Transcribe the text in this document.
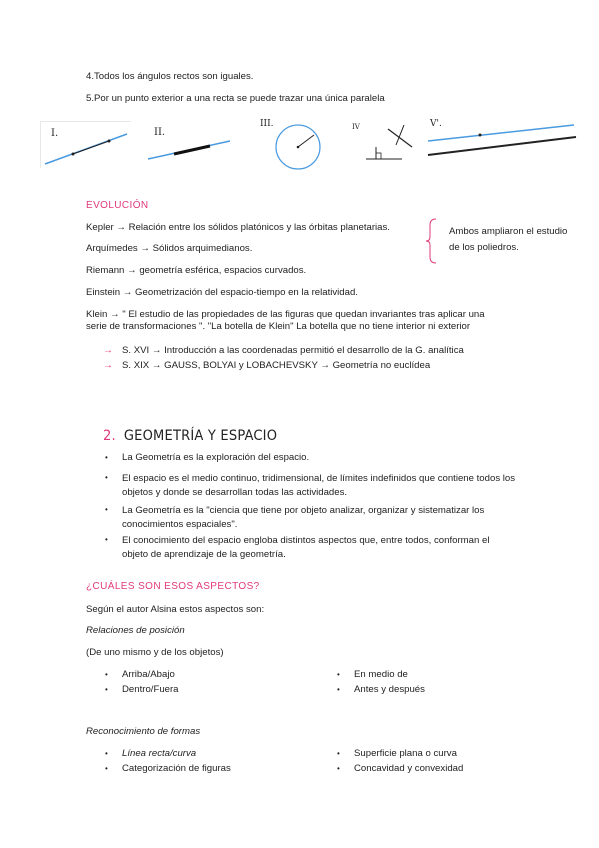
4.Todos los ángulos rectos son iguales.
5.Por un punto exterior a una recta se puede trazar una única paralela
I.	II.
III.	IV	V'.
EVOLUCIÓN
Kepler → Relación entre los sólidos platónicos y las órbitas planetarias.
Arquímedes → Sólidos arquimedianos.
Riemann → geometría esférica, espacios curvados.
Einstein → Geometrización del espacio-tiempo en la relatividad.
Klein → " El estudio de las propiedades de las figuras que quedan invariantes tras aplicar una
serie de transformaciones ". "La botella de Klein" La botella que no tiene interior ni exterior
Ambos ampliaron el estudio de los poliedros.
→ S. XVI → Introducción a las coordenadas permitió el desarrollo de la G. analítica
→ S. XIX → GAUSS, BOLYAI y LOBACHEVSKY → Geometría no euclídea
2. GEOMETRÍA Y ESPACIO
• La Geometría es la exploración del espacio.
• El espacio es el medio continuo, tridimensional, de límites indefinidos que contiene todos los objetos y donde se desarrollan todas las actividades.
• La Geometría es la "ciencia que tiene por objeto analizar, organizar y sistematizar los conocimientos espaciales".
• El conocimiento del espacio engloba distintos aspectos que, entre todos, conforman el objeto de aprendizaje de la geometría.
¿CUÁLES SON ESOS ASPECTOS?
Según el autor Alsina estos aspectos son:
Relaciones de posición
(De uno mismo y de los objetos)
• Arriba/Abajo
• Dentro/Fuera
• En medio de
• Antes y después
Reconocimiento de formas
• Línea recta/curva
• Categorización de figuras
• Superficie plana o curva
• Concavidad y convexidad
